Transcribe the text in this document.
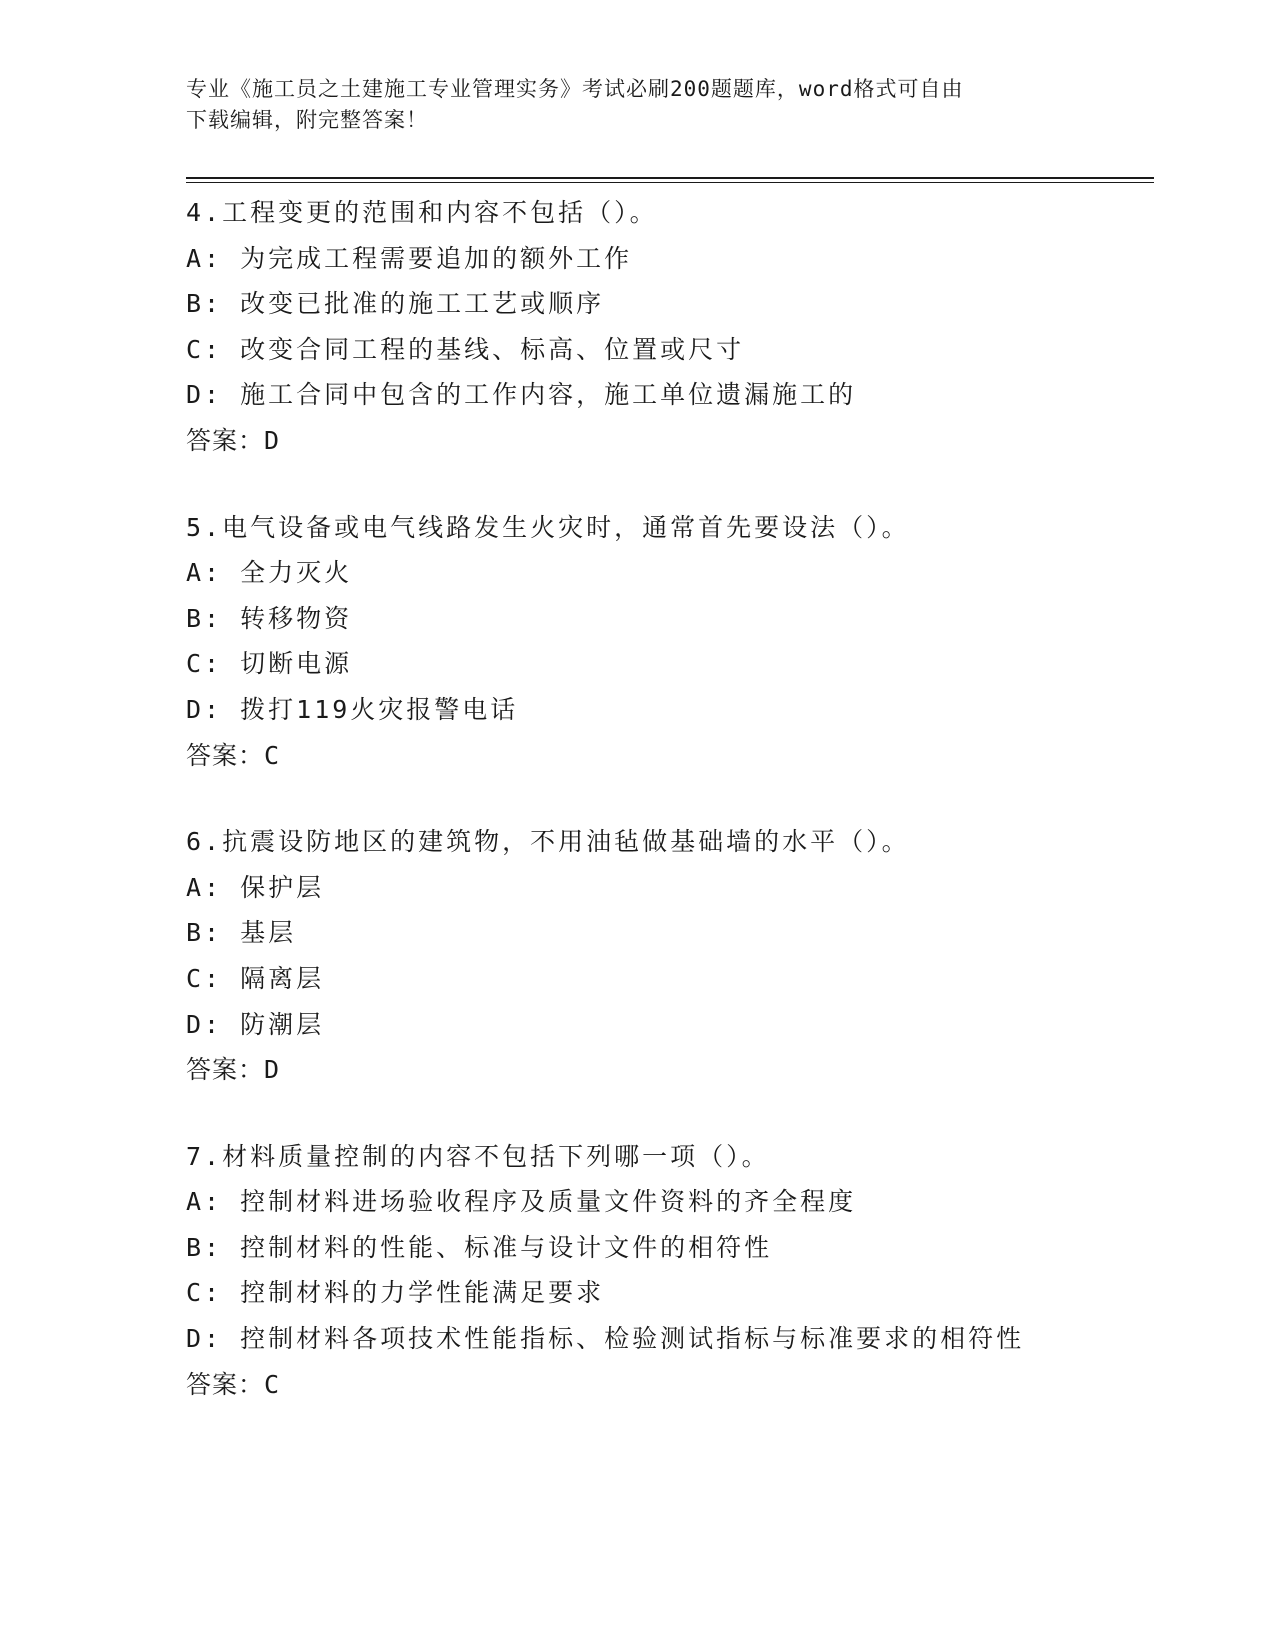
专业《施工员之土建施工专业管理实务》考试必刷200题题库，word格式可自由
下载编辑，附完整答案！
4.工程变更的范围和内容不包括（）。
A: 为完成工程需要追加的额外工作
B: 改变已批准的施工工艺或顺序
C: 改变合同工程的基线、标高、位置或尺寸
D: 施工合同中包含的工作内容，施工单位遗漏施工的
答案：D
5.电气设备或电气线路发生火灾时，通常首先要设法（）。
A: 全力灭火
B: 转移物资
C: 切断电源
D: 拨打119火灾报警电话
答案：C
6.抗震设防地区的建筑物，不用油毡做基础墙的水平（）。
A: 保护层
B: 基层
C: 隔离层
D: 防潮层
答案：D
7.材料质量控制的内容不包括下列哪一项（）。
A: 控制材料进场验收程序及质量文件资料的齐全程度
B: 控制材料的性能、标准与设计文件的相符性
C: 控制材料的力学性能满足要求
D: 控制材料各项技术性能指标、检验测试指标与标准要求的相符性
答案：C
